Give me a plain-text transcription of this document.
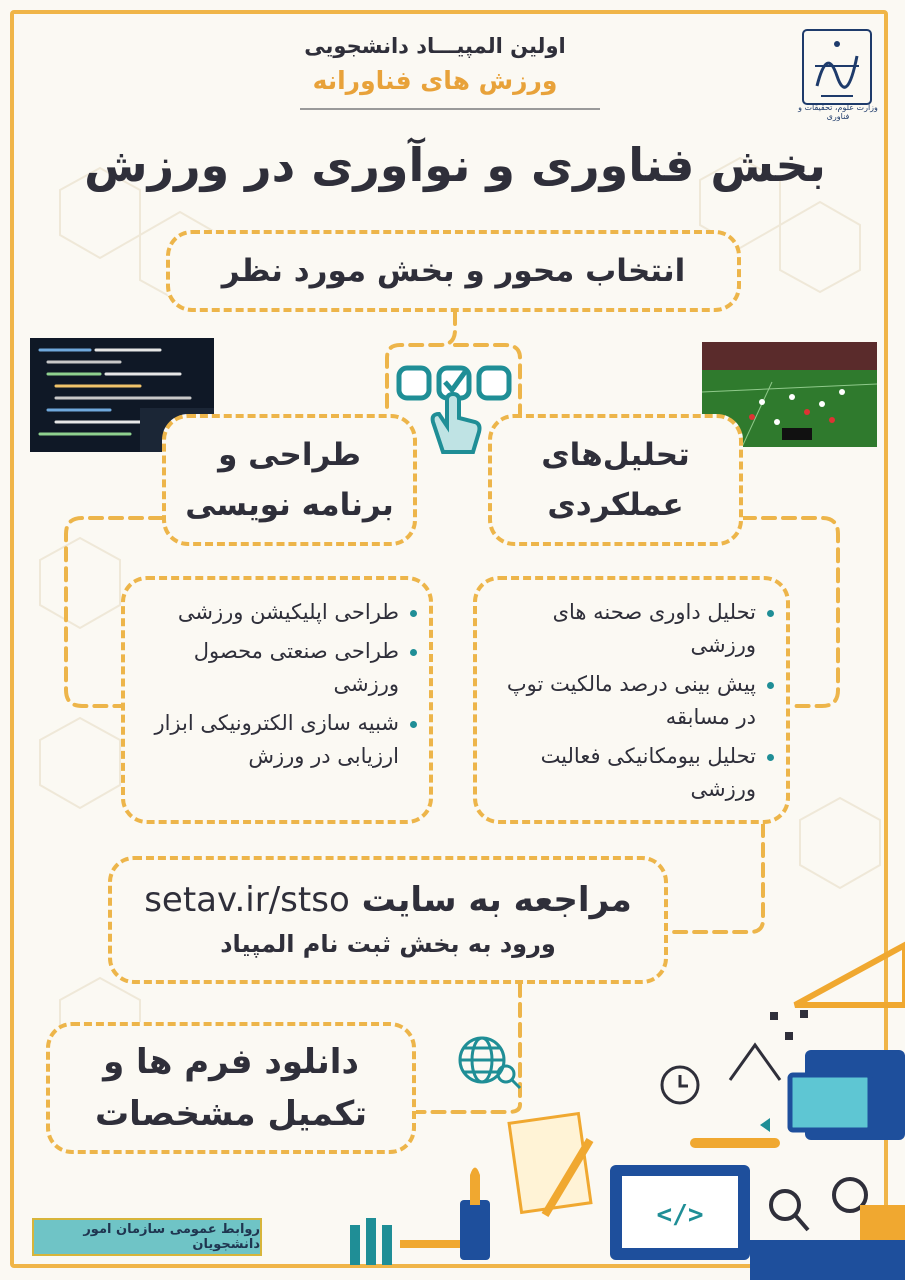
اولین المپیـــاد دانشجویی
ورزش های فناورانه
وزارت علوم، تحقیقات و فناوری
بخش فناوری و نوآوری در ورزش
انتخاب محور و بخش مورد نظر
طراحی و
برنامه نویسی
تحلیل‌های
عملکردی
طراحی اپلیکیشن ورزشی
طراحی صنعتی محصول ورزشی
شبیه سازی الکترونیکی ابزار ارزیابی در ورزش
تحلیل داوری صحنه های ورزشی
پیش بینی درصد مالکیت توپ در مسابقه
تحلیل بیومکانیکی فعالیت ورزشی
مراجعه به سایت setav.ir/stso
ورود به بخش ثبت نام المپیاد
دانلود فرم ها و
تکمیل مشخصات
</>
روابط عمومی سازمان امور دانشجویان
